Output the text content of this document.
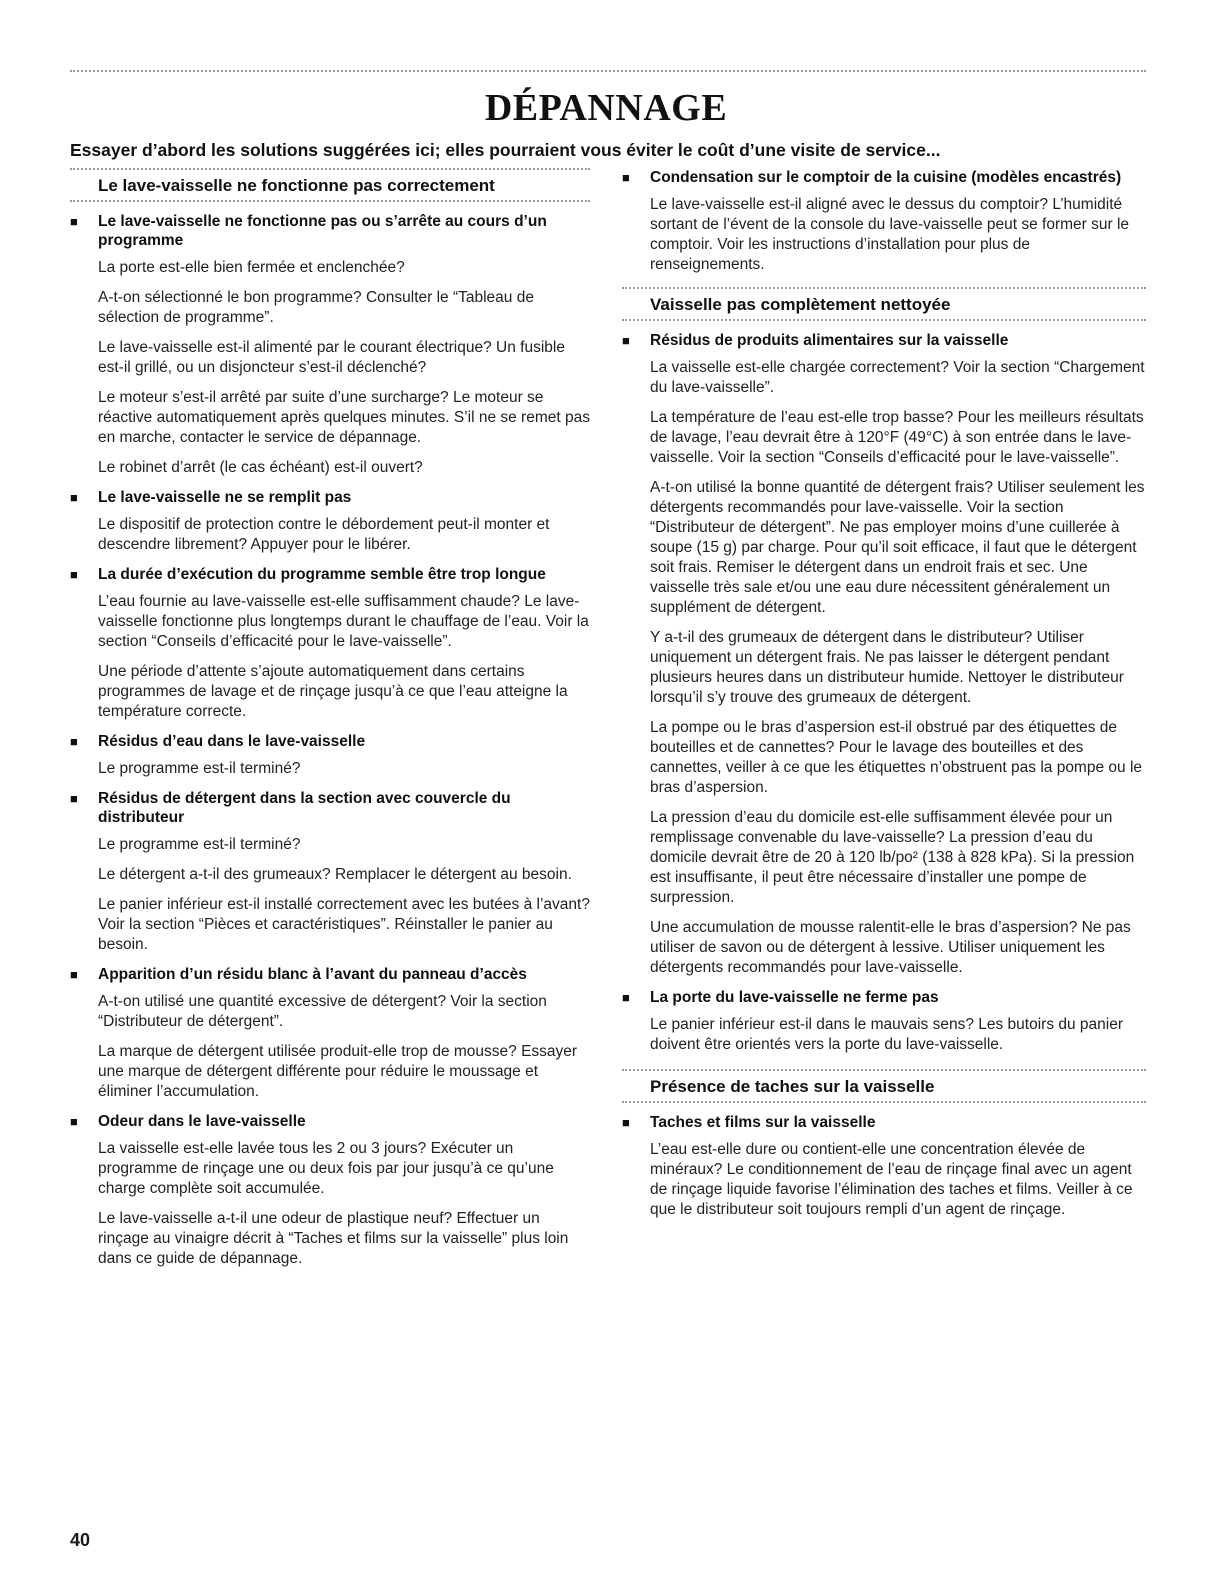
DÉPANNAGE
Essayer d’abord les solutions suggérées ici; elles pourraient vous éviter le coût d’une visite de service...
Le lave-vaisselle ne fonctionne pas correctement
■	Le lave-vaisselle ne fonctionne pas ou s’arrête au cours d’un programme
La porte est-elle bien fermée et enclenchée?
A-t-on sélectionné le bon programme? Consulter le “Tableau de sélection de programme”.
Le lave-vaisselle est-il alimenté par le courant électrique? Un fusible est-il grillé, ou un disjoncteur s’est-il déclenché?
Le moteur s’est-il arrêté par suite d’une surcharge? Le moteur se réactive automatiquement après quelques minutes. S’il ne se remet pas en marche, contacter le service de dépannage.
Le robinet d’arrêt (le cas échéant) est-il ouvert?
■	Le lave-vaisselle ne se remplit pas
Le dispositif de protection contre le débordement peut-il monter et descendre librement? Appuyer pour le libérer.
■	La durée d’exécution du programme semble être trop longue
L’eau fournie au lave-vaisselle est-elle suffisamment chaude? Le lave-vaisselle fonctionne plus longtemps durant le chauffage de l’eau. Voir la section “Conseils d’efficacité pour le lave-vaisselle”.
Une période d’attente s’ajoute automatiquement dans certains programmes de lavage et de rinçage jusqu’à ce que l’eau atteigne la température correcte.
■	Résidus d’eau dans le lave-vaisselle
Le programme est-il terminé?
■	Résidus de détergent dans la section avec couvercle du distributeur
Le programme est-il terminé?
Le détergent a-t-il des grumeaux? Remplacer le détergent au besoin.
Le panier inférieur est-il installé correctement avec les butées à l’avant? Voir la section “Pièces et caractéristiques”. Réinstaller le panier au besoin.
■	Apparition d’un résidu blanc à l’avant du panneau d’accès
A-t-on utilisé une quantité excessive de détergent? Voir la section “Distributeur de détergent”.
La marque de détergent utilisée produit-elle trop de mousse? Essayer une marque de détergent différente pour réduire le moussage et éliminer l’accumulation.
■	Odeur dans le lave-vaisselle
La vaisselle est-elle lavée tous les 2 ou 3 jours? Exécuter un programme de rinçage une ou deux fois par jour jusqu’à ce qu’une charge complète soit accumulée.
Le lave-vaisselle a-t-il une odeur de plastique neuf? Effectuer un rinçage au vinaigre décrit à “Taches et films sur la vaisselle” plus loin dans ce guide de dépannage.
■	Condensation sur le comptoir de la cuisine (modèles encastrés)
Le lave-vaisselle est-il aligné avec le dessus du comptoir? L’humidité sortant de l’évent de la console du lave-vaisselle peut se former sur le comptoir. Voir les instructions d’installation pour plus de renseignements.
Vaisselle pas complètement nettoyée
■	Résidus de produits alimentaires sur la vaisselle
La vaisselle est-elle chargée correctement? Voir la section “Chargement du lave-vaisselle”.
La température de l’eau est-elle trop basse? Pour les meilleurs résultats de lavage, l’eau devrait être à 120°F (49°C) à son entrée dans le lave-vaisselle. Voir la section “Conseils d’efficacité pour le lave-vaisselle”.
A-t-on utilisé la bonne quantité de détergent frais? Utiliser seulement les détergents recommandés pour lave-vaisselle. Voir la section “Distributeur de détergent”. Ne pas employer moins d’une cuillerée à soupe (15 g) par charge. Pour qu’il soit efficace, il faut que le détergent soit frais. Remiser le détergent dans un endroit frais et sec. Une vaisselle très sale et/ou une eau dure nécessitent généralement un supplément de détergent.
Y a-t-il des grumeaux de détergent dans le distributeur? Utiliser uniquement un détergent frais. Ne pas laisser le détergent pendant plusieurs heures dans un distributeur humide. Nettoyer le distributeur lorsqu’il s’y trouve des grumeaux de détergent.
La pompe ou le bras d’aspersion est-il obstrué par des étiquettes de bouteilles et de cannettes? Pour le lavage des bouteilles et des cannettes, veiller à ce que les étiquettes n’obstruent pas la pompe ou le bras d’aspersion.
La pression d’eau du domicile est-elle suffisamment élevée pour un remplissage convenable du lave-vaisselle? La pression d’eau du domicile devrait être de 20 à 120 lb/po² (138 à 828 kPa). Si la pression est insuffisante, il peut être nécessaire d’installer une pompe de surpression.
Une accumulation de mousse ralentit-elle le bras d’aspersion? Ne pas utiliser de savon ou de détergent à lessive. Utiliser uniquement les détergents recommandés pour lave-vaisselle.
■	La porte du lave-vaisselle ne ferme pas
Le panier inférieur est-il dans le mauvais sens? Les butoirs du panier doivent être orientés vers la porte du lave-vaisselle.
Présence de taches sur la vaisselle
■	Taches et films sur la vaisselle
L’eau est-elle dure ou contient-elle une concentration élevée de minéraux? Le conditionnement de l’eau de rinçage final avec un agent de rinçage liquide favorise l’élimination des taches et films. Veiller à ce que le distributeur soit toujours rempli d’un agent de rinçage.
40
